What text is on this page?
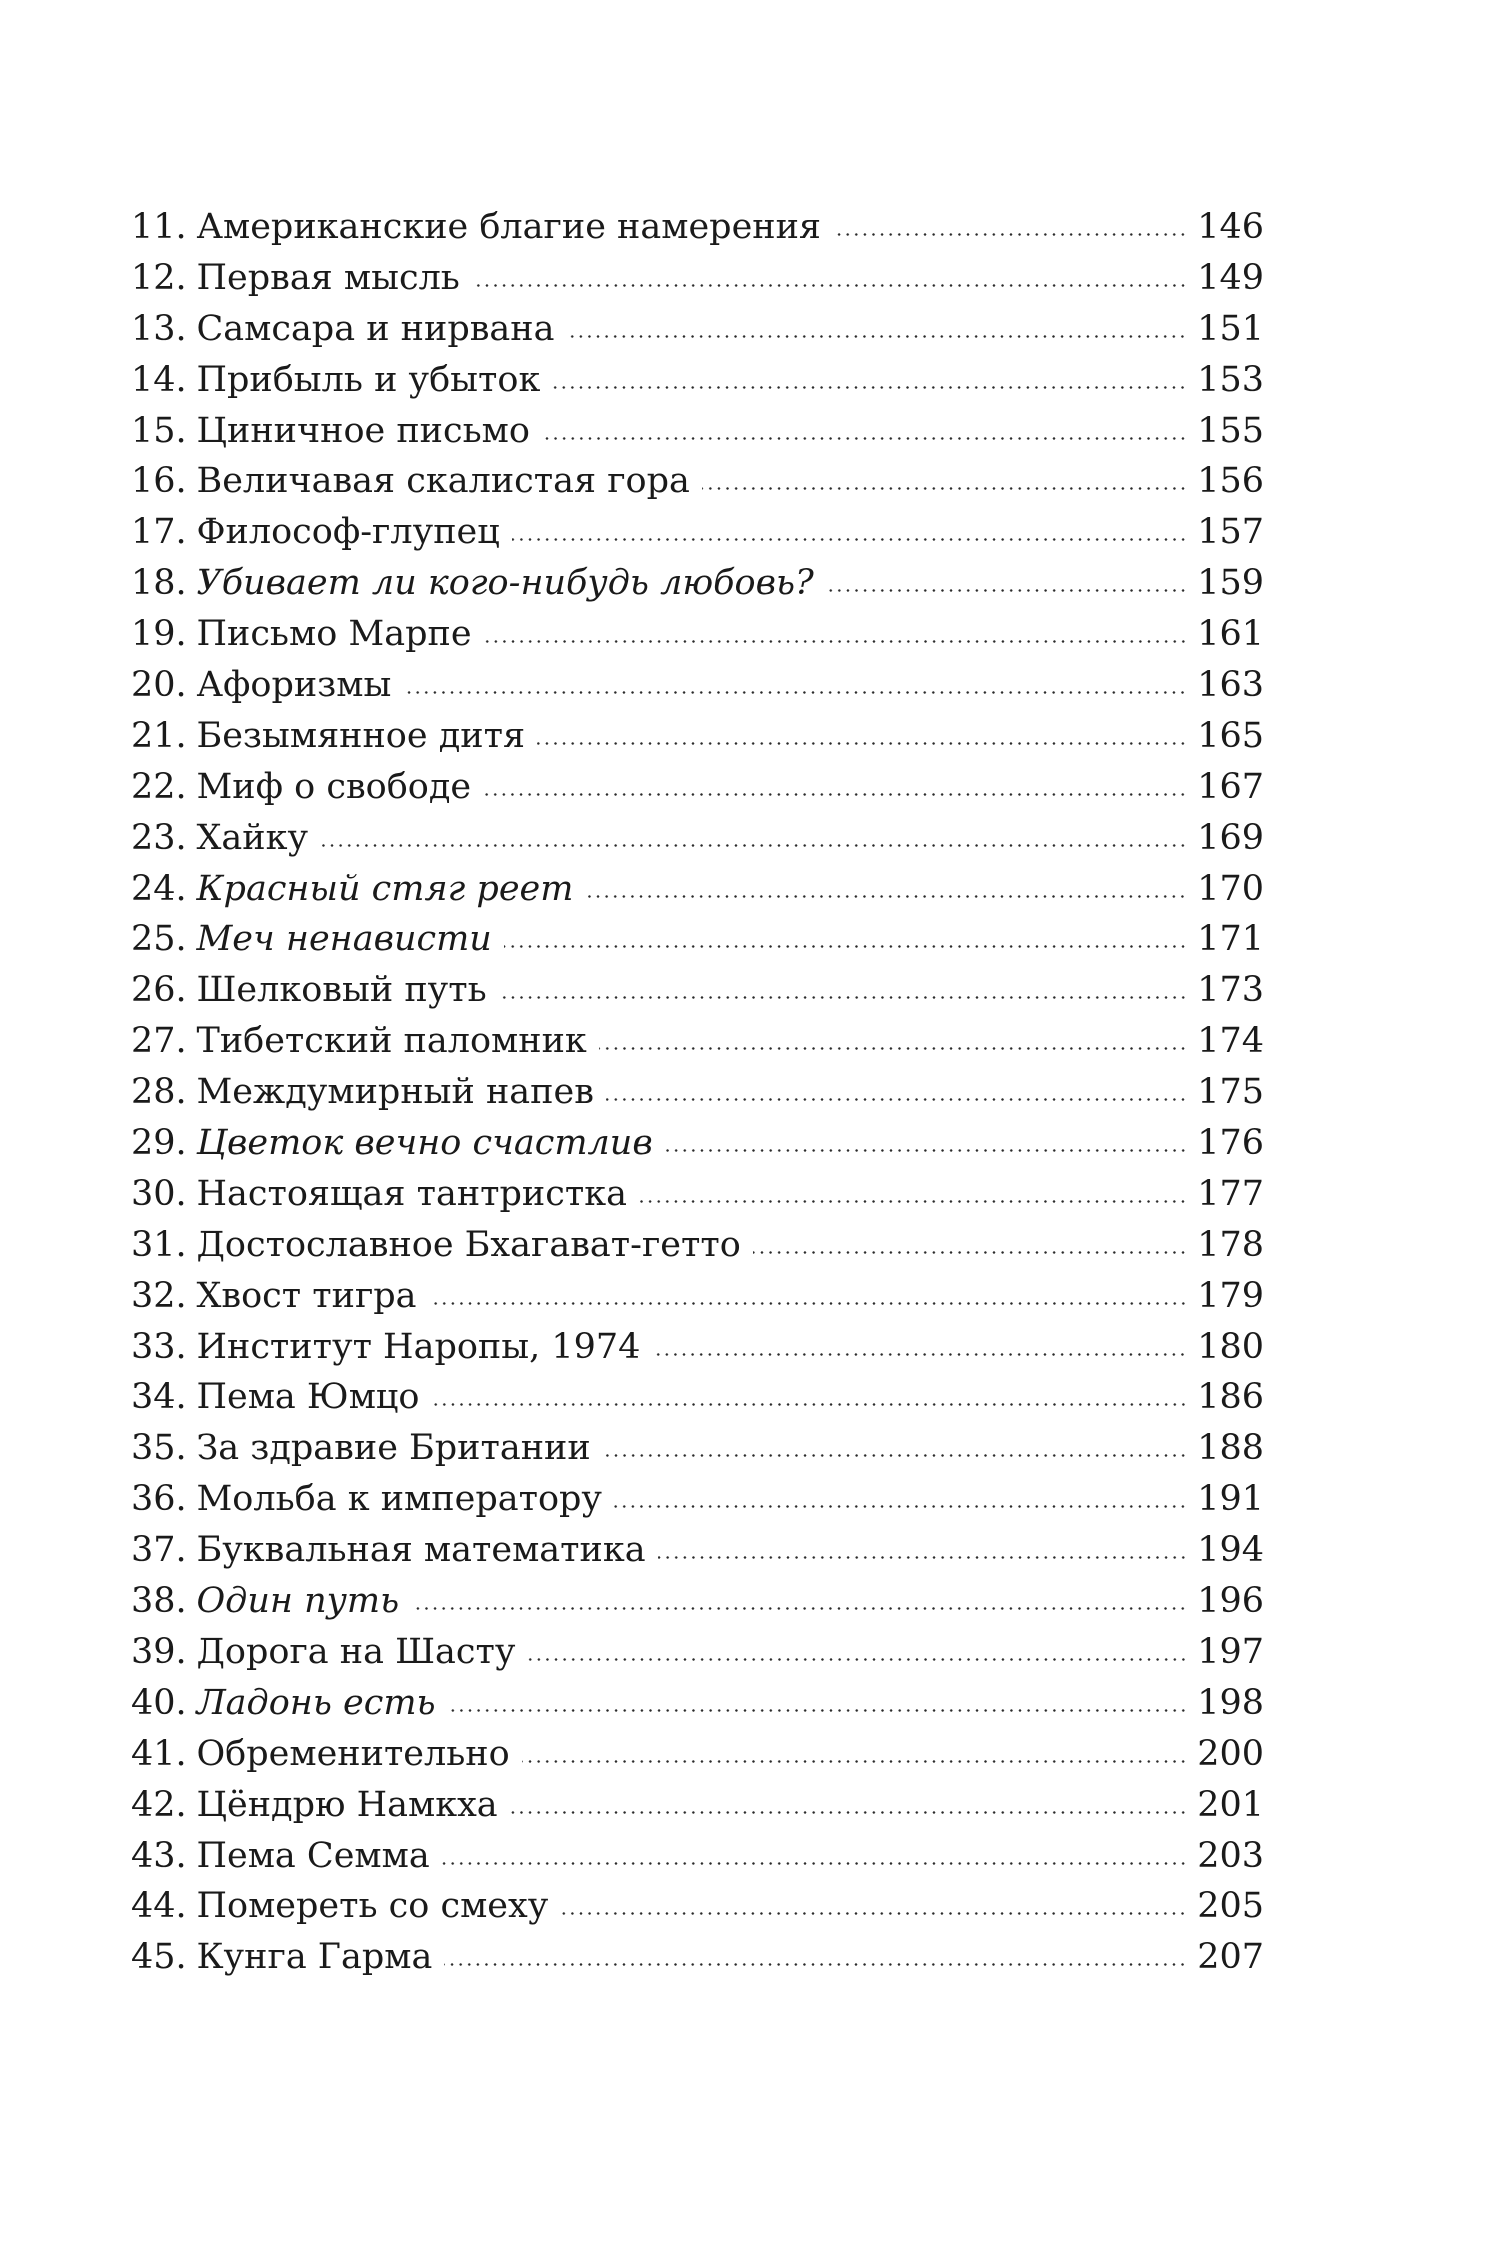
11. Американские благие намерения	146
12. Первая мысль	149
13. Самсара и нирвана	151
14. Прибыль и убыток	153
15. Циничное письмо	155
16. Величавая скалистая гора	156
17. Философ-глупец	157
18. Убивает ли кого-нибудь любовь?	159
19. Письмо Марпе	161
20. Афоризмы	163
21. Безымянное дитя	165
22. Миф о свободе	167
23. Хайку	169
24. Красный стяг реет	170
25. Меч ненависти	171
26. Шелковый путь	173
27. Тибетский паломник	174
28. Междумирный напев	175
29. Цветок вечно счастлив	176
30. Настоящая тантристка	177
31. Достославное Бхагават-гетто	178
32. Хвост тигра	179
33. Институт Наропы, 1974	180
34. Пема Юмцо	186
35. За здравие Британии	188
36. Мольба к императору	191
37. Буквальная математика	194
38. Один путь	196
39. Дорога на Шасту	197
40. Ладонь есть	198
41. Обременительно	200
42. Цёндрю Намкха	201
43. Пема Семма	203
44. Помереть со смеху	205
45. Кунга Гарма	207
